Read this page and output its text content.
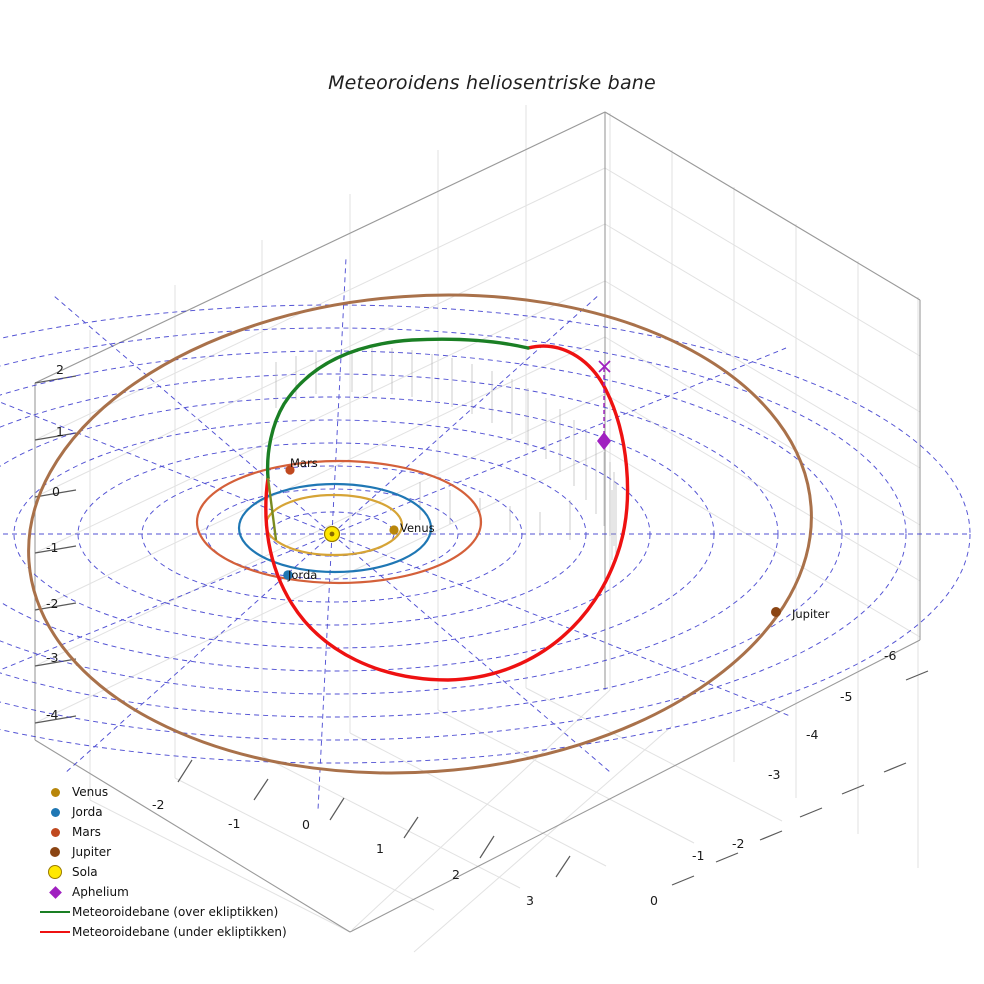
Meteoroidens heliosentriske bane
2
1
0
-1
-2
-3
-4
-2
-1	0
1
2
3	0
-1
-2
-3
-4
-5
-6
Mars
Venus
Jorda
Jupiter
Venus
Jorda
Mars
Jupiter
Sola
Aphelium
Meteoroidebane (over ekliptikken)
Meteoroidebane (under ekliptikken)
